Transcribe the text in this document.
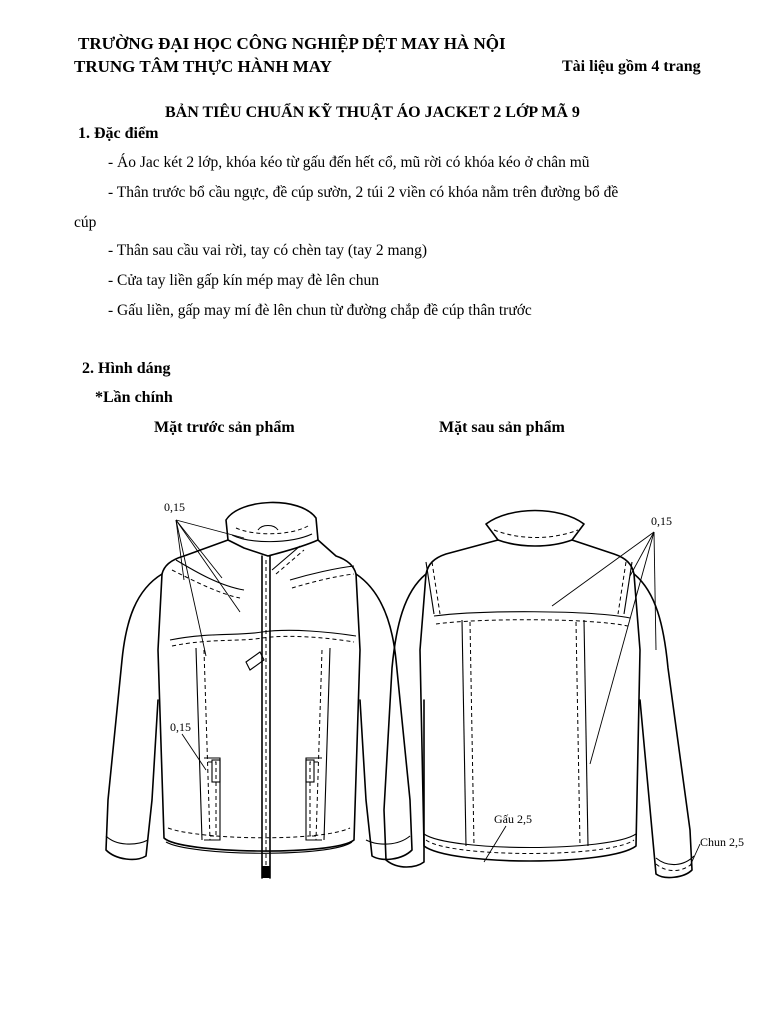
TRƯỜNG ĐẠI HỌC CÔNG NGHIỆP DỆT MAY HÀ NỘI
TRUNG TÂM THỰC HÀNH MAY	Tài liệu gồm 4 trang
BẢN TIÊU CHUẨN KỸ THUẬT ÁO JACKET 2 LỚP MÃ 9
1. Đặc điểm
- Áo Jac két 2 lớp, khóa kéo từ gấu đến hết cổ, mũ rời có khóa kéo ở chân mũ
- Thân trước bổ cầu ngực, đề cúp sườn, 2 túi 2 viền có khóa nằm trên đường bổ đề
cúp
- Thân sau cầu vai rời, tay có chèn tay (tay 2 mang)
- Cửa tay liền gấp kín mép may đè lên chun
- Gấu liền, gấp may mí đè lên chun từ đường chắp đề cúp thân trước
2. Hình dáng
*Lần chính
Mặt trước sản phẩm	Mặt sau sản phẩm
0,15
0,15
0,15
Gấu 2,5
Chun 2,5
